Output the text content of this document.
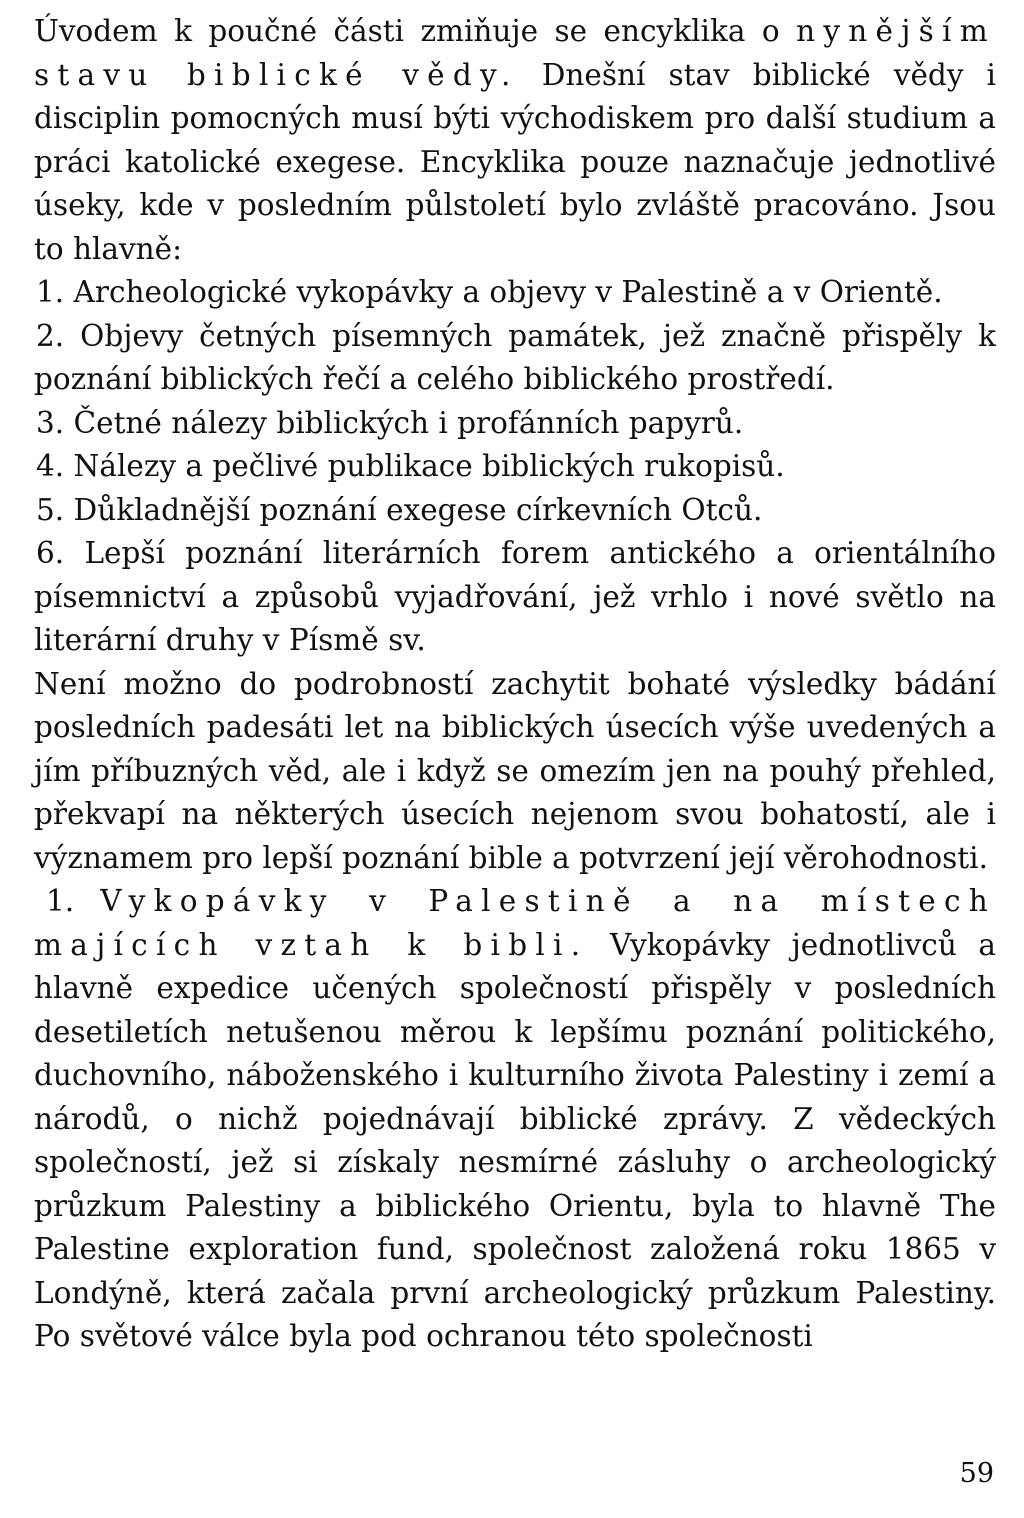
Úvodem k poučné části zmiňuje se encyklika o nynějším stavu biblické vědy. Dnešní stav biblické vědy i disciplin pomocných musí býti východiskem pro další studium a práci katolické exegese. Encyklika pouze naznačuje jednotlivé úseky, kde v posledním půlstoletí bylo zvláště pracováno. Jsou to hlavně:

1. Archeologické vykopávky a objevy v Palestině a v Orientě.

2. Objevy četných písemných památek, jež značně přispěly k poznání biblických řečí a celého biblického prostředí.

3. Četné nálezy biblických i profánních papyrů.

4. Nálezy a pečlivé publikace biblických rukopisů.

5. Důkladnější poznání exegese církevních Otců.

6. Lepší poznání literárních forem antického a orientálního písemnictví a způsobů vyjadřování, jež vrhlo i nové světlo na literární druhy v Písmě sv.

Není možno do podrobností zachytit bohaté výsledky bádání posledních padesáti let na biblických úsecích výše uvedených a jím příbuzných věd, ale i když se omezím jen na pouhý přehled, překvapí na některých úsecích nejenom svou bohatostí, ale i významem pro lepší poznání bible a potvrzení její věrohodnosti.

1. Vykopávky v Palestině a na místech majících vztah k bibli. Vykopávky jednotlivců a hlavně expedice učených společností přispěly v posledních desetiletích netušenou měrou k lepšímu poznání politického, duchovního, náboženského i kulturního života Palestiny i zemí a národů, o nichž pojednávají biblické zprávy. Z vědeckých společností, jež si získaly nesmírné zásluhy o archeologický průzkum Palestiny a biblického Orientu, byla to hlavně The Palestine exploration fund, společnost založená roku 1865 v Londýně, která začala první archeologický průzkum Palestiny. Po světové válce byla pod ochranou této společnosti

59
